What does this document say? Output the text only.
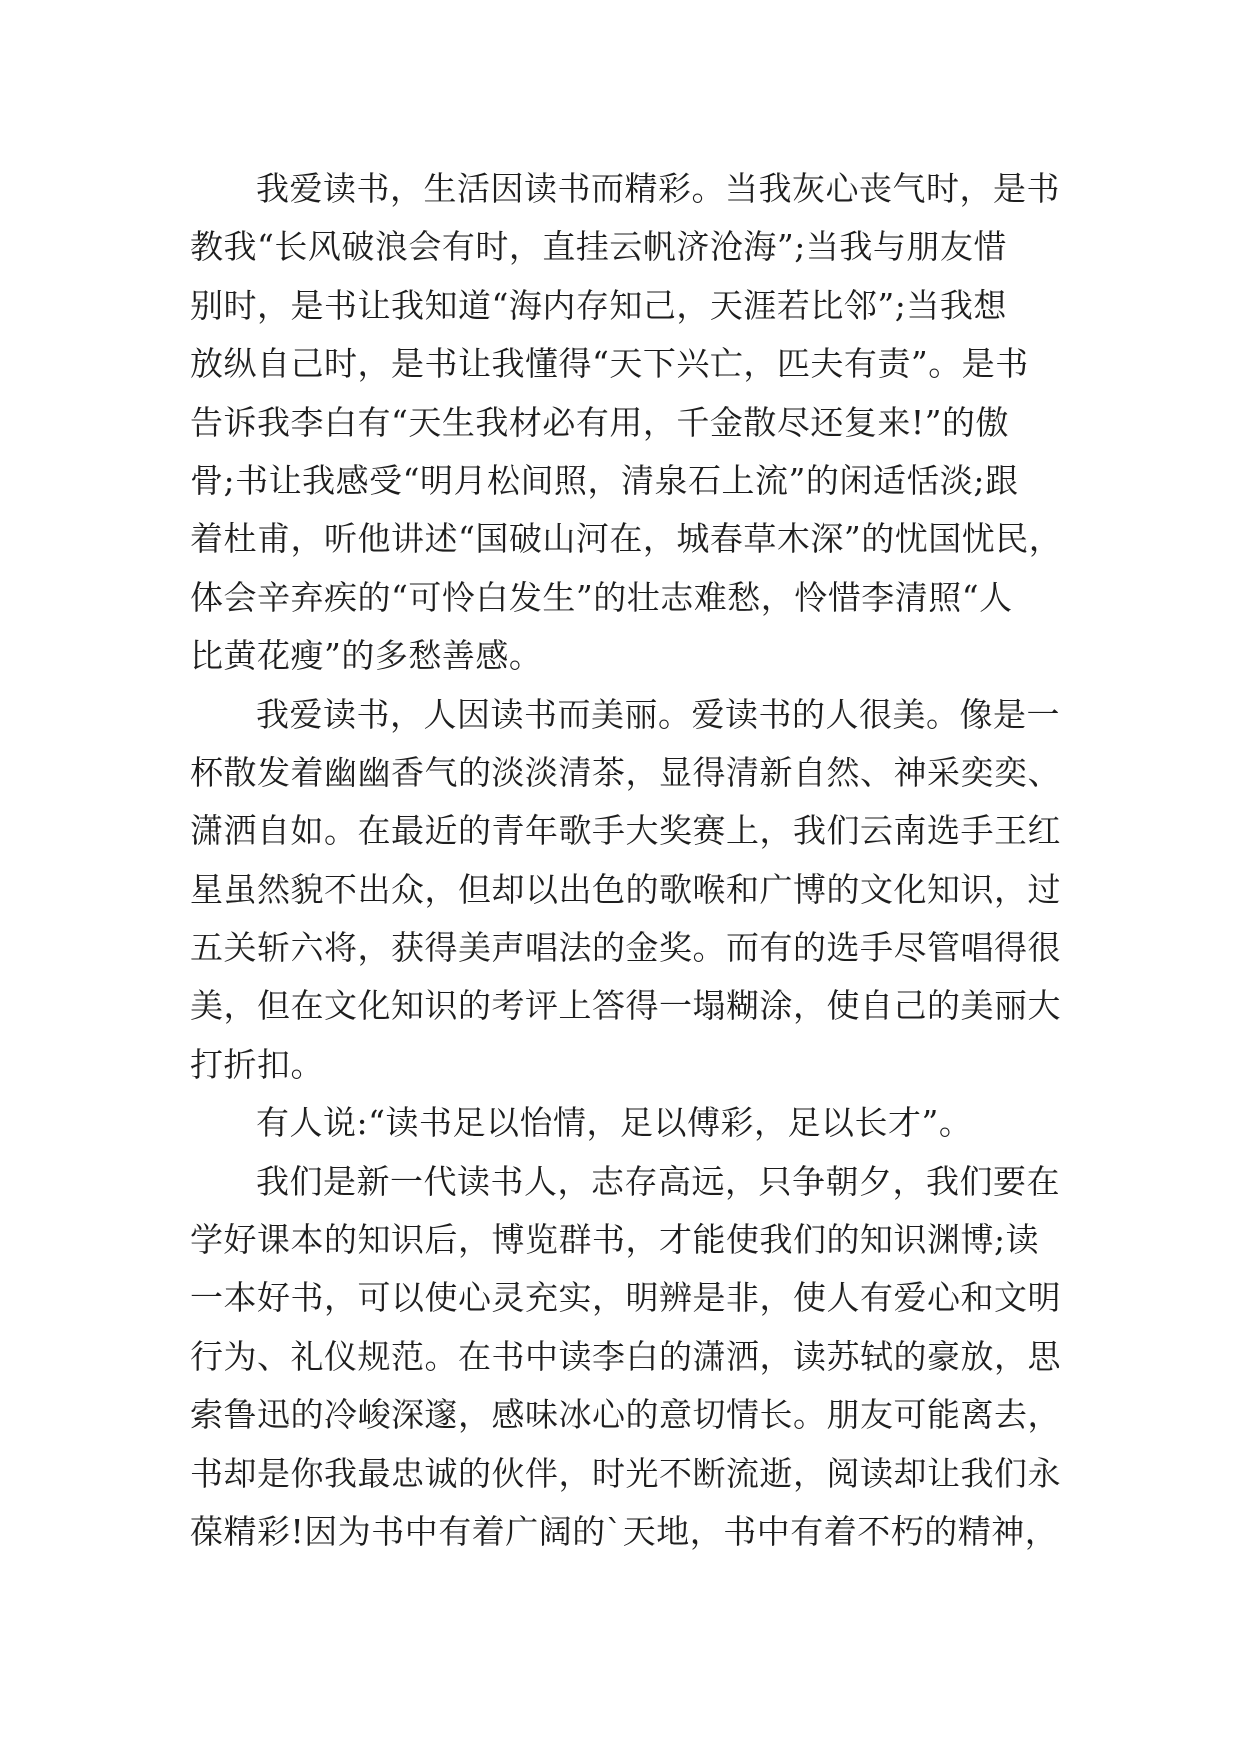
我爱读书，生活因读书而精彩。当我灰心丧气时，是书
教我“长风破浪会有时，直挂云帆济沧海”;当我与朋友惜
别时，是书让我知道“海内存知己，天涯若比邻”;当我想
放纵自己时，是书让我懂得“天下兴亡，匹夫有责”。是书
告诉我李白有“天生我材必有用，千金散尽还复来!”的傲
骨;书让我感受“明月松间照，清泉石上流”的闲适恬淡;跟
着杜甫，听他讲述“国破山河在，城春草木深”的忧国忧民，
体会辛弃疾的“可怜白发生”的壮志难愁，怜惜李清照“人
比黄花瘦”的多愁善感。
我爱读书，人因读书而美丽。爱读书的人很美。像是一
杯散发着幽幽香气的淡淡清茶，显得清新自然、神采奕奕、
潇洒自如。在最近的青年歌手大奖赛上，我们云南选手王红
星虽然貌不出众，但却以出色的歌喉和广博的文化知识，过
五关斩六将，获得美声唱法的金奖。而有的选手尽管唱得很
美，但在文化知识的考评上答得一塌糊涂，使自己的美丽大
打折扣。
有人说:“读书足以怡情，足以傅彩，足以长才”。
我们是新一代读书人，志存高远，只争朝夕，我们要在
学好课本的知识后，博览群书，才能使我们的知识渊博;读
一本好书，可以使心灵充实，明辨是非，使人有爱心和文明
行为、礼仪规范。在书中读李白的潇洒，读苏轼的豪放，思
索鲁迅的冷峻深邃，感味冰心的意切情长。朋友可能离去，
书却是你我最忠诚的伙伴，时光不断流逝，阅读却让我们永
葆精彩!因为书中有着广阔的`天地，书中有着不朽的精神，
